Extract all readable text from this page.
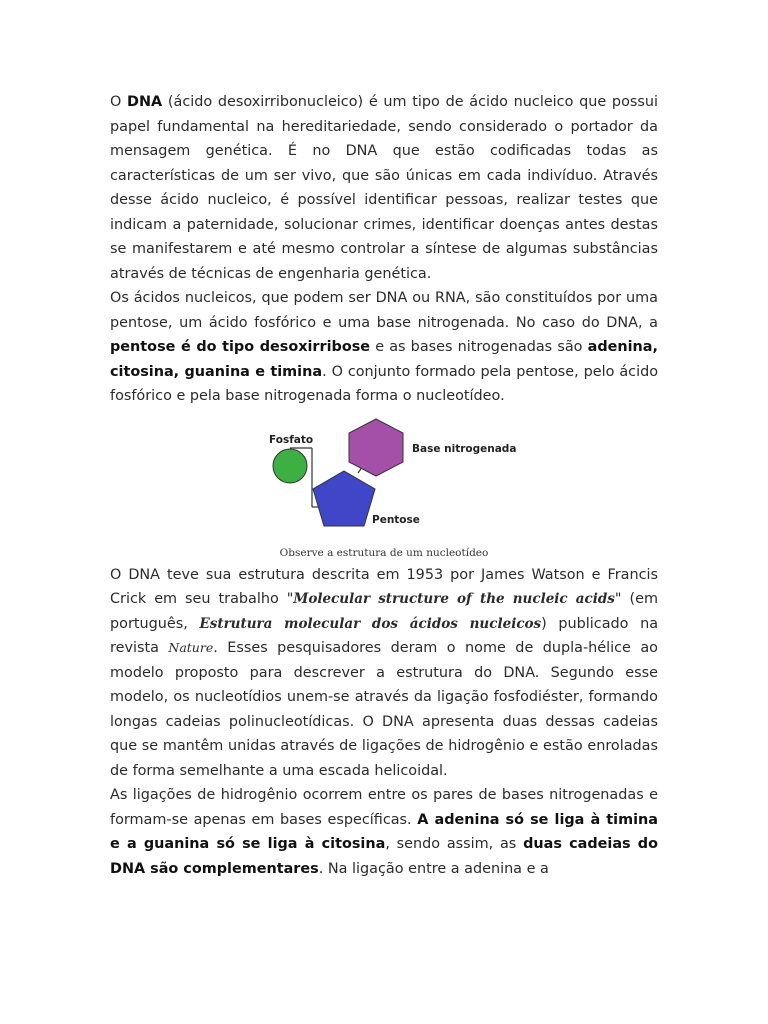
O DNA (ácido desoxirribonucleico) é um tipo de ácido nucleico que possui papel fundamental na hereditariedade, sendo considerado o portador da mensagem genética. É no DNA que estão codificadas todas as características de um ser vivo, que são únicas em cada indivíduo. Através desse ácido nucleico, é possível identificar pessoas, realizar testes que indicam a paternidade, solucionar crimes, identificar doenças antes destas se manifestarem e até mesmo controlar a síntese de algumas substâncias através de técnicas de engenharia genética.

Os ácidos nucleicos, que podem ser DNA ou RNA, são constituídos por uma pentose, um ácido fosfórico e uma base nitrogenada. No caso do DNA, a pentose é do tipo desoxirribose e as bases nitrogenadas são adenina, citosina, guanina e timina. O conjunto formado pela pentose, pelo ácido fosfórico e pela base nitrogenada forma o nucleotídeo.

Fosfato
Base nitrogenada
Pentose
Observe a estrutura de um nucleotídeo

O DNA teve sua estrutura descrita em 1953 por James Watson e Francis Crick em seu trabalho "Molecular structure of the nucleic acids" (em português, Estrutura molecular dos ácidos nucleicos) publicado na revista Nature. Esses pesquisadores deram o nome de dupla-hélice ao modelo proposto para descrever a estrutura do DNA. Segundo esse modelo, os nucleotídios unem-se através da ligação fosfodiéster, formando longas cadeias polinucleotídicas. O DNA apresenta duas dessas cadeias que se mantêm unidas através de ligações de hidrogênio e estão enroladas de forma semelhante a uma escada helicoidal.

As ligações de hidrogênio ocorrem entre os pares de bases nitrogenadas e formam-se apenas em bases específicas. A adenina só se liga à timina e a guanina só se liga à citosina, sendo assim, as duas cadeias do DNA são complementares. Na ligação entre a adenina e a
